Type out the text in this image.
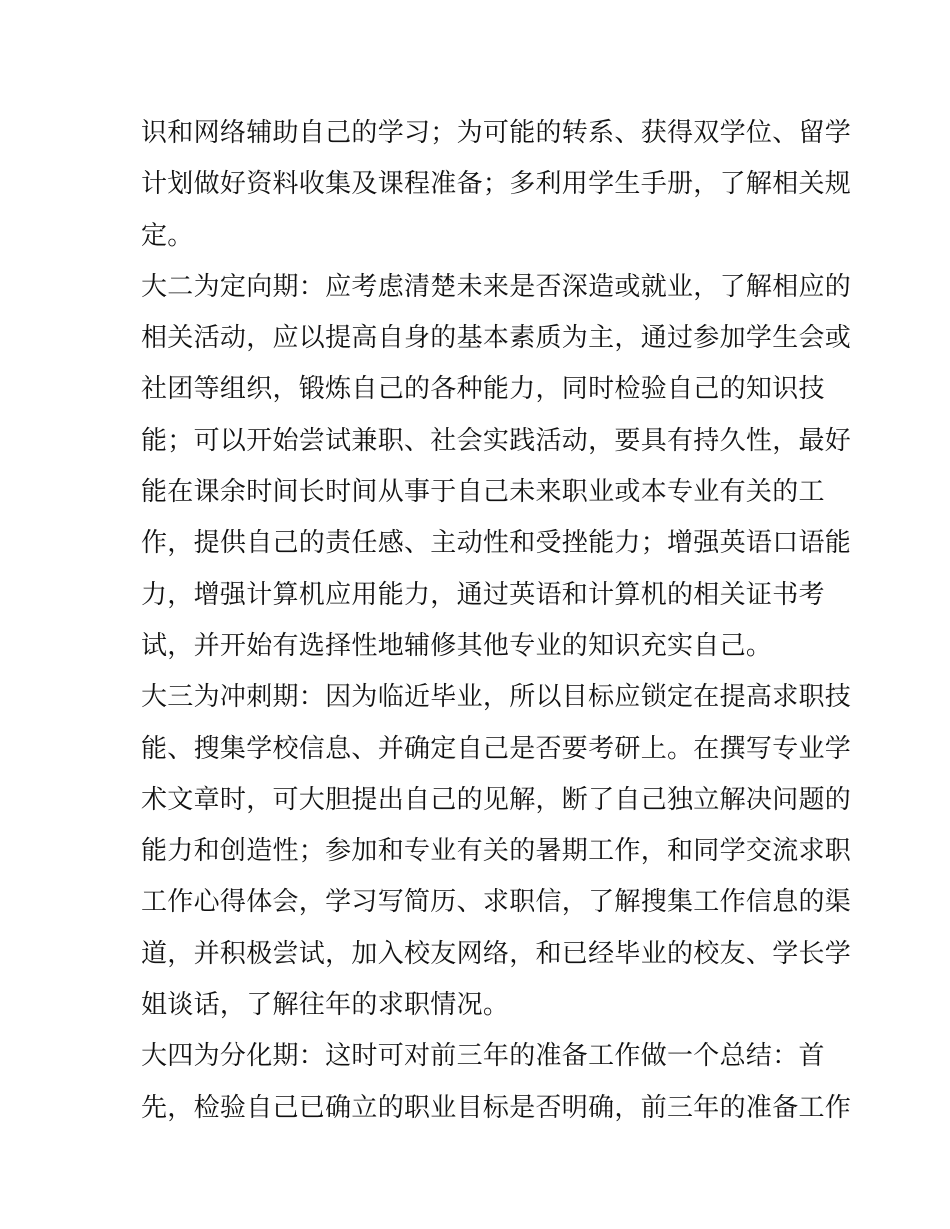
识和网络辅助自己的学习；为可能的转系、获得双学位、留学
计划做好资料收集及课程准备；多利用学生手册，了解相关规
定。
大二为定向期：应考虑清楚未来是否深造或就业，了解相应的
相关活动，应以提高自身的基本素质为主，通过参加学生会或
社团等组织，锻炼自己的各种能力，同时检验自己的知识技
能；可以开始尝试兼职、社会实践活动，要具有持久性，最好
能在课余时间长时间从事于自己未来职业或本专业有关的工
作，提供自己的责任感、主动性和受挫能力；增强英语口语能
力，增强计算机应用能力，通过英语和计算机的相关证书考
试，并开始有选择性地辅修其他专业的知识充实自己。
大三为冲刺期：因为临近毕业，所以目标应锁定在提高求职技
能、搜集学校信息、并确定自己是否要考研上。在撰写专业学
术文章时，可大胆提出自己的见解，断了自己独立解决问题的
能力和创造性；参加和专业有关的暑期工作，和同学交流求职
工作心得体会，学习写简历、求职信，了解搜集工作信息的渠
道，并积极尝试，加入校友网络，和已经毕业的校友、学长学
姐谈话，了解往年的求职情况。
大四为分化期：这时可对前三年的准备工作做一个总结：首
先，检验自己已确立的职业目标是否明确，前三年的准备工作
